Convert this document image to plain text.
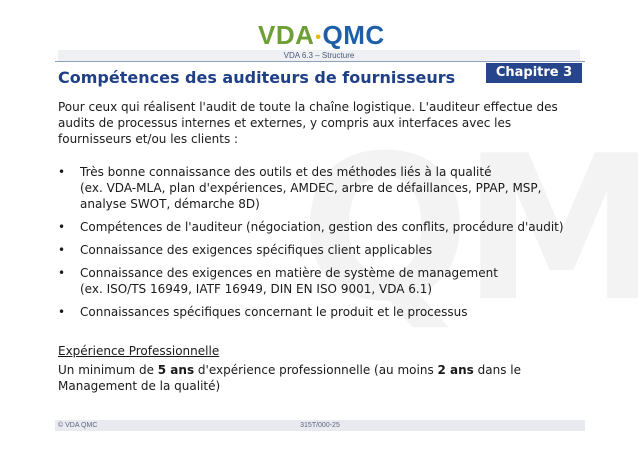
VDA•QMC
VDA 6.3 – Structure
Compétences des auditeurs de fournisseurs	Chapitre 3

Pour ceux qui réalisent l'audit de toute la chaîne logistique. L'auditeur effectue des audits de processus internes et externes, y compris aux interfaces avec les fournisseurs et/ou les clients :

• Très bonne connaissance des outils et des méthodes liés à la qualité
(ex. VDA-MLA, plan d'expériences, AMDEC, arbre de défaillances, PPAP, MSP,
analyse SWOT, démarche 8D)
• Compétences de l'auditeur (négociation, gestion des conflits, procédure d'audit)
• Connaissance des exigences spécifiques client applicables
• Connaissance des exigences en matière de système de management
(ex. ISO/TS 16949, IATF 16949, DIN EN ISO 9001, VDA 6.1)
• Connaissances spécifiques concernant le produit et le processus

Expérience Professionnelle

Un minimum de 5 ans d'expérience professionnelle (au moins 2 ans dans le Management de la qualité)

© VDA QMC	315T/000-25
